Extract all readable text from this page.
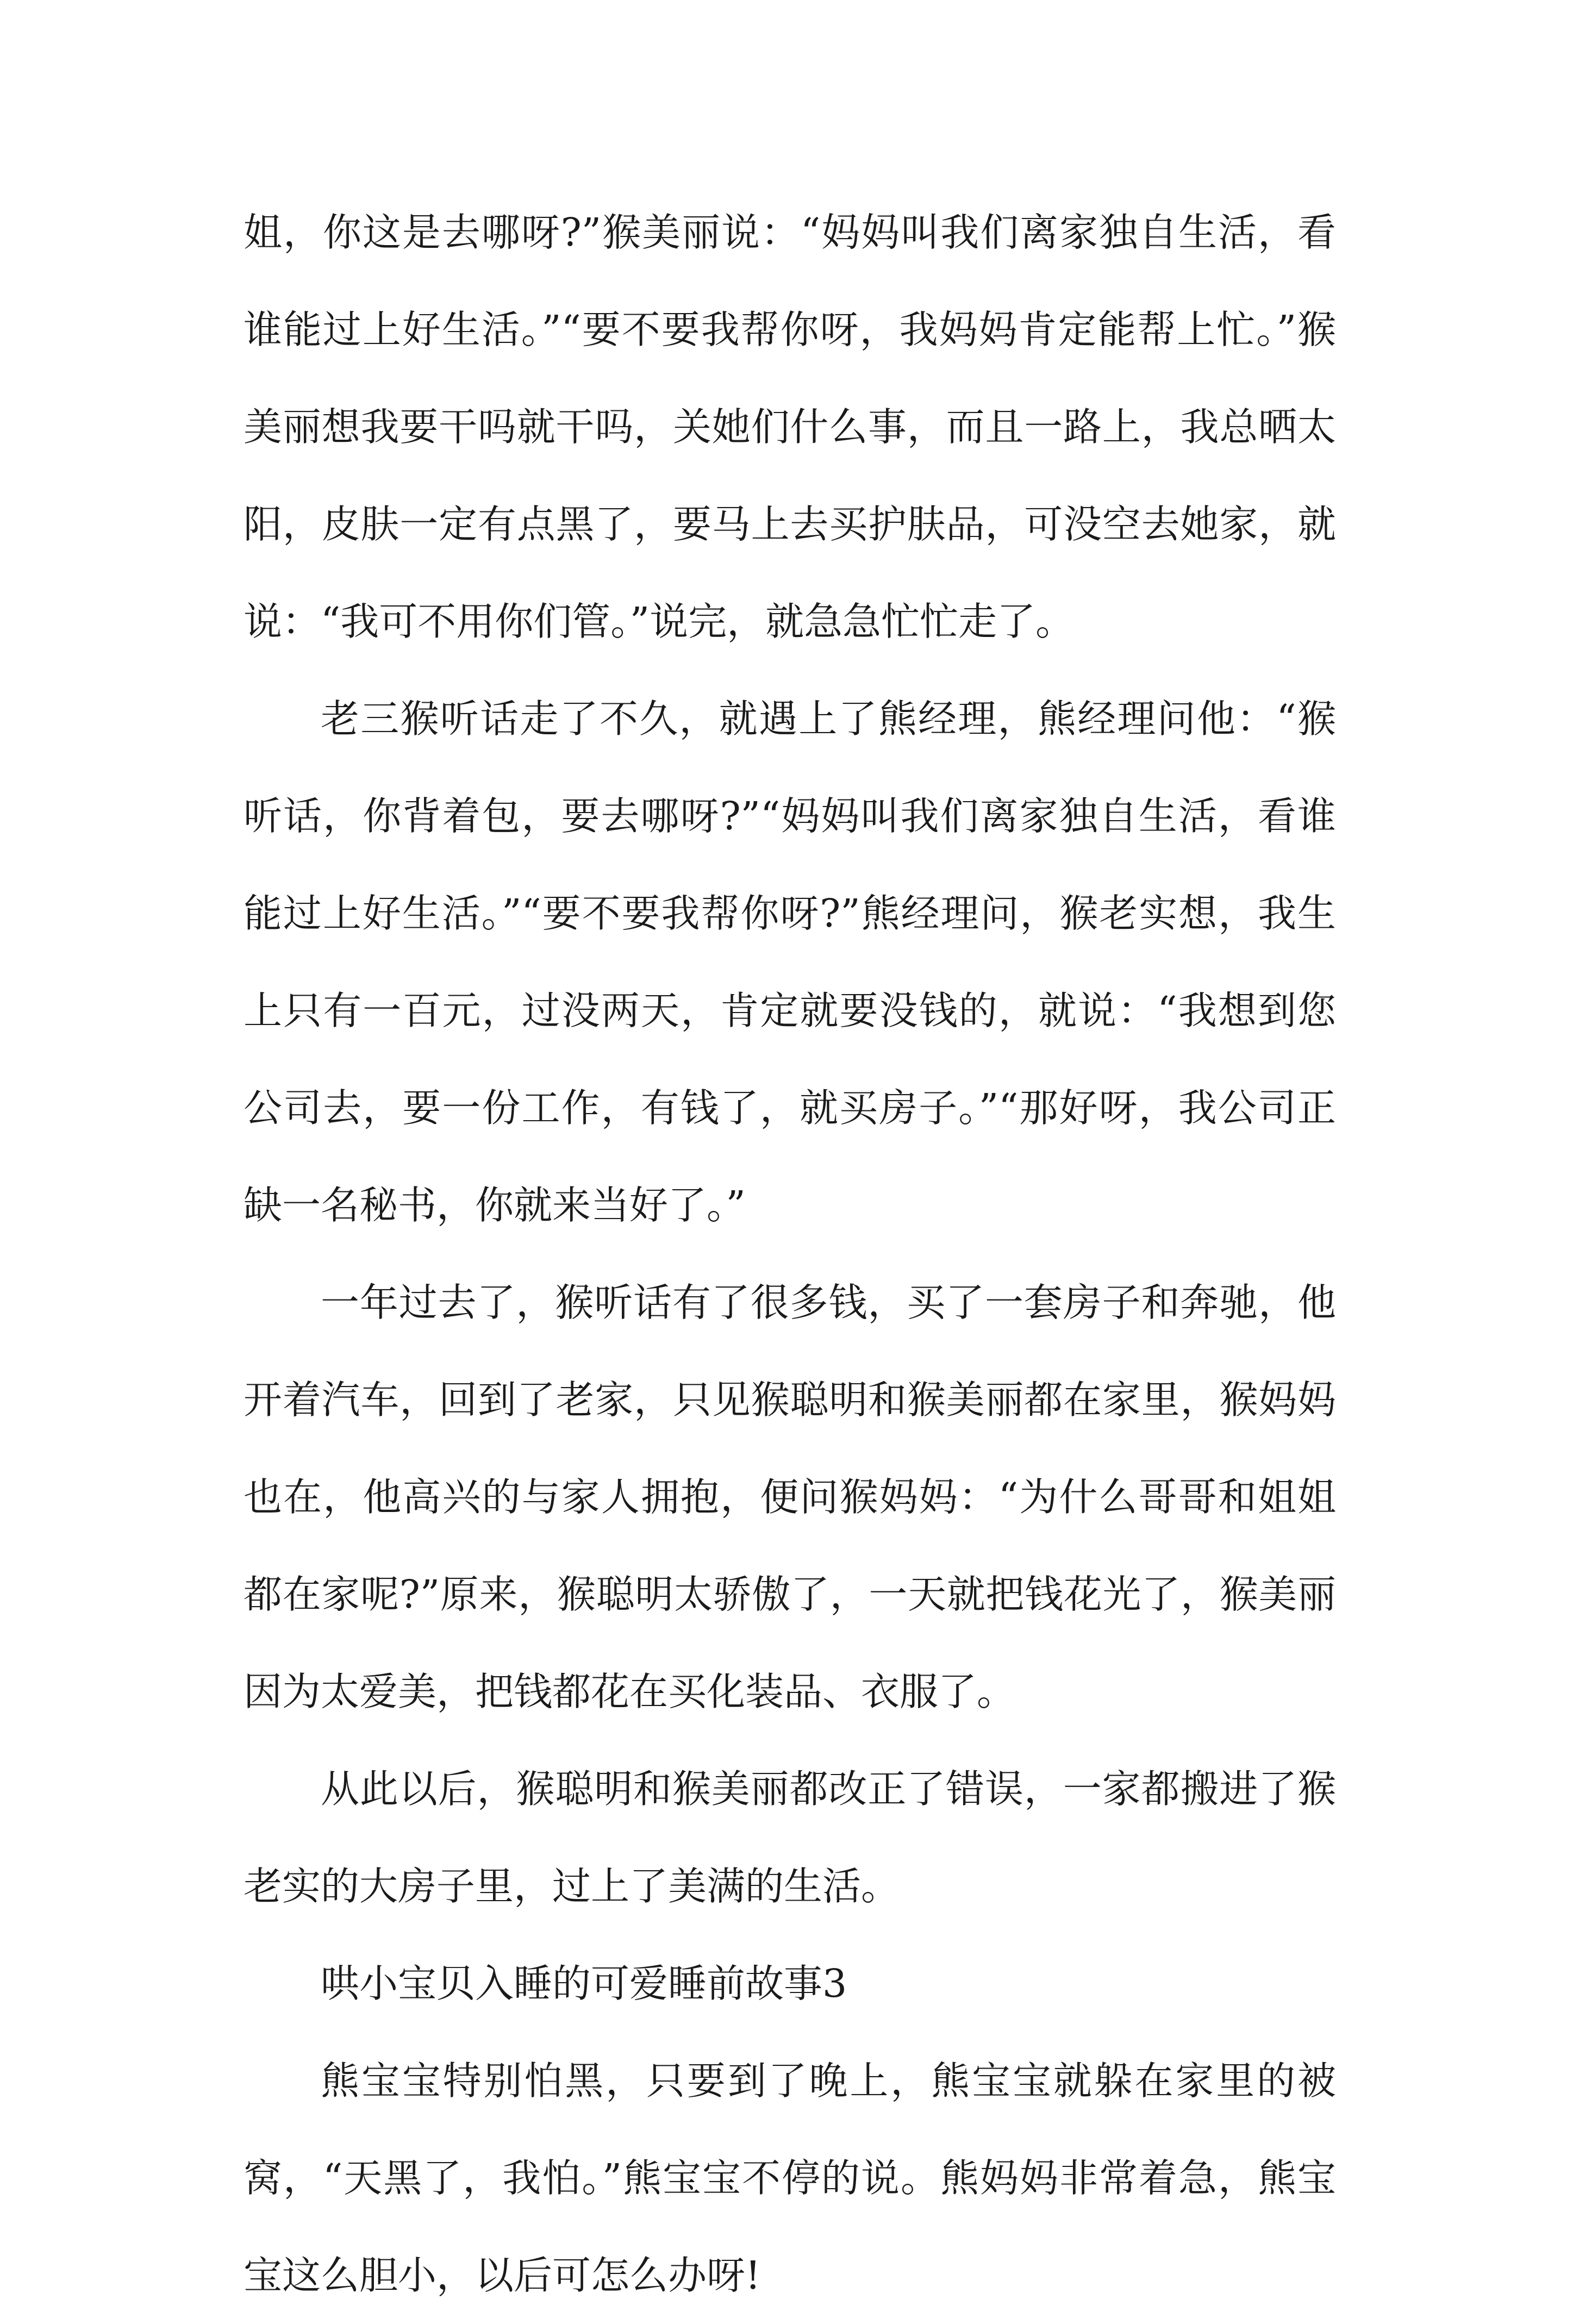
姐，你这是去哪呀?”猴美丽说：“妈妈叫我们离家独自生活，看谁能过上好生活。”“要不要我帮你呀，我妈妈肯定能帮上忙。”猴美丽想我要干吗就干吗，关她们什么事，而且一路上，我总晒太阳，皮肤一定有点黑了，要马上去买护肤品，可没空去她家，就说：“我可不用你们管。”说完，就急急忙忙走了。

老三猴听话走了不久，就遇上了熊经理，熊经理问他：“猴听话，你背着包，要去哪呀?”“妈妈叫我们离家独自生活，看谁能过上好生活。”“要不要我帮你呀?”熊经理问，猴老实想，我生上只有一百元，过没两天，肯定就要没钱的，就说：“我想到您公司去，要一份工作，有钱了，就买房子。”“那好呀，我公司正缺一名秘书，你就来当好了。”

一年过去了，猴听话有了很多钱，买了一套房子和奔驰，他开着汽车，回到了老家，只见猴聪明和猴美丽都在家里，猴妈妈也在，他高兴的与家人拥抱，便问猴妈妈：“为什么哥哥和姐姐都在家呢?”原来，猴聪明太骄傲了，一天就把钱花光了，猴美丽因为太爱美，把钱都花在买化装品、衣服了。

从此以后，猴聪明和猴美丽都改正了错误，一家都搬进了猴老实的大房子里，过上了美满的生活。

哄小宝贝入睡的可爱睡前故事3

熊宝宝特别怕黑，只要到了晚上，熊宝宝就躲在家里的被窝，“天黑了，我怕。”熊宝宝不停的说。熊妈妈非常着急，熊宝宝这么胆小，以后可怎么办呀!
